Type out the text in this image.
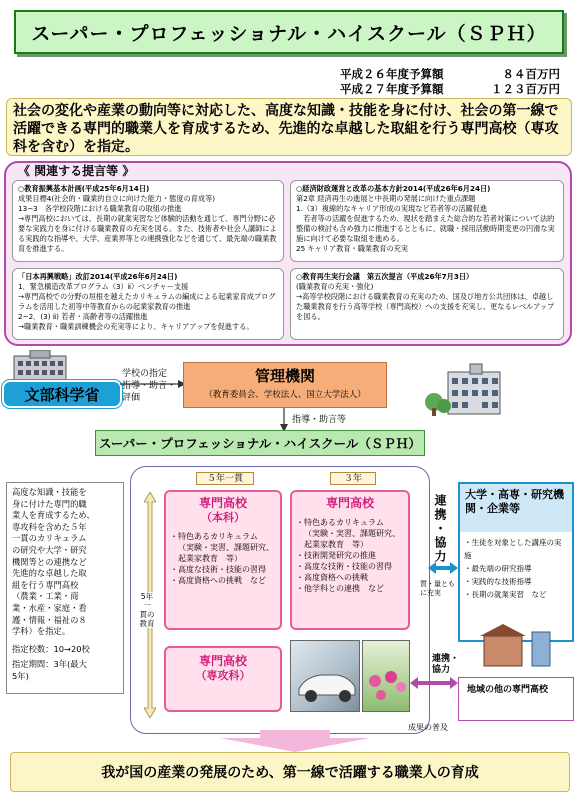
スーパー・プロフェッショナル・ハイスクール（ＳＰＨ）
平成２６年度予算額	８４百万円
平成２７年度予算額	１２３百万円
社会の変化や産業の動向等に対応した、高度な知識・技能を身に付け、社会の第一線で活躍できる専門的職業人を育成するため、先進的な卓越した取組を行う専門高校（専攻科を含む）を指定。
《 関連する提言等 》
○教育振興基本計画(平成25年6月14日)
成果目標4(社会的・職業的自立に向けた能力・態度の育成等)
13−3　各学校段階における職業教育の取組の推進
→専門高校においては、長期の就業実習など体験的活動を通じて、専門分野に必要な実践力を身に付ける職業教育の充実を図る。また、技術者や社会人講師による実践的な指導や、大学、産業界等との連携強化などを通じて、最先端の職業教育を推進する。
○経済財政運営と改革の基本方針2014(平成26年6月24日)
第2章 経済再生の進展と中長期の発展に向けた重点課題
1.（3）複線的なキャリア形成の実現など若者等の活躍促進
　若者等の活躍を促進するため、現状を踏まえた総合的な若者対策について法的整備の検討も含め強力に推進するとともに、就職・採用活動時期変更の円滑な実施に向けて必要な取組を進める。
25 キャリア教育・職業教育の充実
「日本再興戦略」改訂2014(平成26年6月24日)
1．緊急構造改革プログラム（3）ⅱ）ベンチャー支援
→専門高校での分野の垣根を越えたカリキュラムの編成による起業家育成プログラムを活用した初等中等教育からの起業家教育の推進
2−2．(3) ⅱ) 若者・高齢者等の活躍推進
→職業教育・職業訓練機会の充実等により、キャリアアップを促進する。
○教育再生実行会議　第五次提言（平成26年7月3日）
(職業教育の充実・強化)
→高等学校段階における職業教育の充実のため、国及び地方公共団体は、卓越した職業教育を行う高等学校（専門高校）への支援を充実し、更なるレベルアップを図る。
文部科学省
学校の指定
指導・助言・
評価
管理機関
（教育委員会、学校法人、国立大学法人）
指導・助言等
スーパー・プロフェッショナル・ハイスクール（ＳＰＨ）
高度な知識・技能を
身に付けた専門的職
業人を育成するため、
専攻科を含めた５年
一貫のカリキュラム
の研究や大学・研究
機関等との連携など
先進的な卓越した取
組を行う専門高校
（農業・工業・商
業・水産・家庭・看
護・情報・福祉の８
学科）を指定。
指定校数：10→20校
指定期間：3年(最大
5年)
５年一貫	３年
5年
一
貫の
教育
専門高校
（本科）
・ 特色あるカリキュラム
（実験・実習、課題研究、起業家教育　等）
・ 高度な技術・技能の習得
・ 高度資格への挑戦　など
専門高校
・ 特色あるカリキュラム
（実験・実習、課題研究、起業家教育　等）
・ 技術開発研究の推進
・ 高度な技術・技能の習得
・ 高度資格への挑戦
・ 他学科との連携　など
専門高校
（専攻科）
連携・協力
質・量とも
に充実
大学・高専・研究機関・企業等
・ 生徒を対象とした講座の実施
・ 最先端の研究指導
・ 実践的な技術指導
・ 長期の就業実習　など
連携・
協力
地域の他の専門高校
成果の普及
我が国の産業の発展のため、第一線で活躍する職業人の育成
